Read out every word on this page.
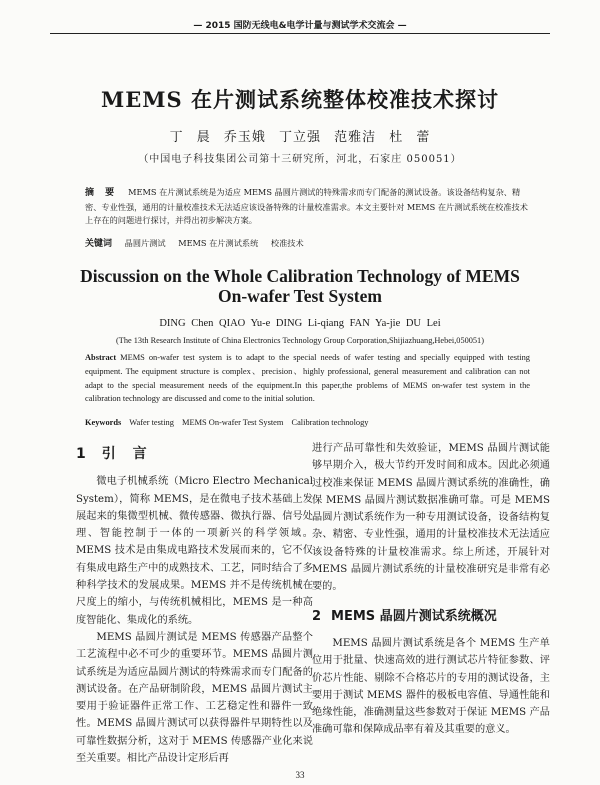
— 2015 国防无线电&电学计量与测试学术交流会 —
MEMS 在片测试系统整体校准技术探讨
丁 晨 乔玉娥 丁立强 范雅洁 杜 蕾
（中国电子科技集团公司第十三研究所，河北，石家庄 050051）
摘 要 MEMS 在片测试系统是为适应 MEMS 晶圆片测试的特殊需求而专门配备的测试设备。该设备结构复杂、精密、专业性强，通用的计量校准技术无法适应该设备特殊的计量校准需求。本文主要针对 MEMS 在片测试系统在校准技术上存在的问题进行探讨，并得出初步解决方案。
关键词 晶圆片测试 MEMS 在片测试系统 校准技术
Discussion on the Whole Calibration Technology of MEMS
On-wafer Test System
DING Chen QIAO Yu-e DING Li-qiang FAN Ya-jie DU Lei
(The 13th Research Institute of China Electronics Technology Group Corporation,Shijiazhuang,Hebei,050051)
Abstract MEMS on-wafer test system is to adapt to the special needs of wafer testing and specially equipped with testing equipment. The equipment structure is complex、precision、highly professional, general measurement and calibration can not adapt to the special measurement needs of the equipment.In this paper,the problems of MEMS on-wafer test system in the calibration technology are discussed and come to the initial solution.
Keywords Wafer testing MEMS On-wafer Test System Calibration technology
1 引 言

微电子机械系统（Micro Electro Mechanical System），简称 MEMS，是在微电子技术基础上发展起来的集微型机械、微传感器、微执行器、信号处理、智能控制于一体的一项新兴的科学领域。MEMS 技术是由集成电路技术发展而来的，它不仅有集成电路生产中的成熟技术、工艺，同时结合了多种科学技术的发展成果。MEMS 并不是传统机械在尺度上的缩小，与传统机械相比，MEMS 是一种高度智能化、集成化的系统。

MEMS 晶圆片测试是 MEMS 传感器产品整个工艺流程中必不可少的重要环节。MEMS 晶圆片测试系统是为适应晶圆片测试的特殊需求而专门配备的测试设备。在产品研制阶段，MEMS 晶圆片测试主要用于验证器件正常工作、工艺稳定性和器件一致性。MEMS 晶圆片测试可以获得器件早期特性以及可靠性数据分析，这对于 MEMS 传感器产业化来说至关重要。相比产品设计定形后再

进行产品可靠性和失效验证，MEMS 晶圆片测试能够早期介入，极大节约开发时间和成本。因此必须通过校准来保证 MEMS 晶圆片测试系统的准确性，确保 MEMS 晶圆片测试数据准确可靠。可是 MEMS 晶圆片测试系统作为一种专用测试设备，设备结构复杂、精密、专业性强，通用的计量校准技术无法适应该设备特殊的计量校准需求。综上所述，开展针对 MEMS 晶圆片测试系统的计量校准研究是非常有必要的。

2 MEMS 晶圆片测试系统概况

MEMS 晶圆片测试系统是各个 MEMS 生产单位用于批量、快速高效的进行测试芯片特征参数、评价芯片性能、剔除不合格芯片的专用的测试设备，主要用于测试 MEMS 器件的极板电容值、导通性能和绝缘性能，准确测量这些参数对于保证 MEMS 产品准确可靠和保障成品率有着及其重要的意义。

33
